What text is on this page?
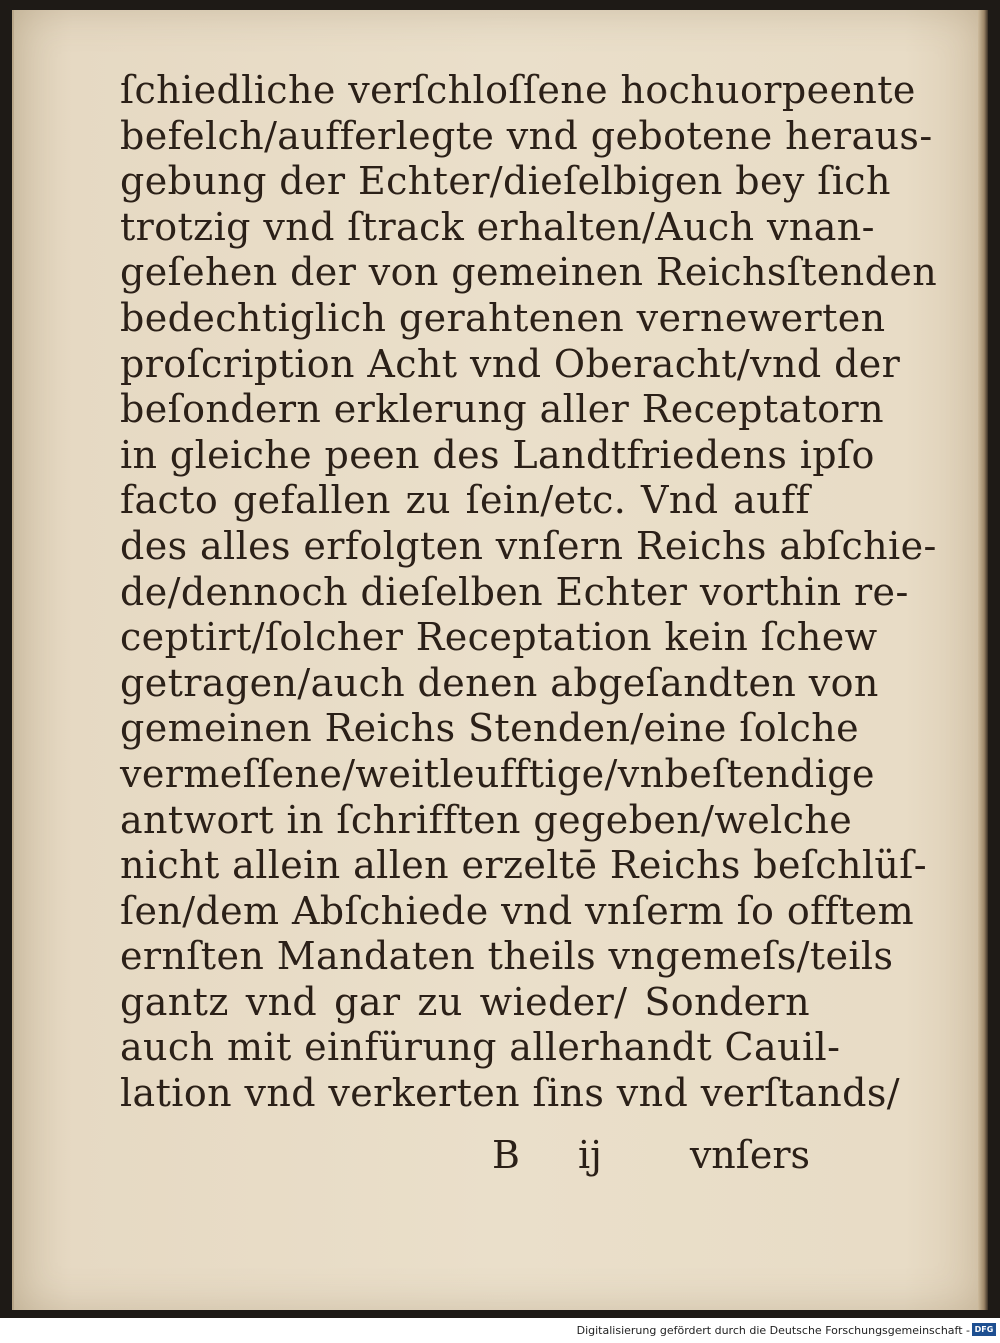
ſchiedliche verſchloſſene hochuorpeente
befelch/aufferlegte vnd gebotene heraus-
gebung der Echter/dieſelbigen bey ſich
trotzig vnd ſtrack erhalten/Auch vnan-
geſehen der von gemeinen Reichsſtenden
bedechtiglich gerahtenen vernewerten
proſcription Acht vnd Oberacht/vnd der
beſondern erklerung aller Receptatorn
in gleiche peen des Landtfriedens ipſo
facto gefallen zu ſein/etc. Vnd auff
des alles erfolgten vnſern Reichs abſchie-
de/dennoch dieſelben Echter vorthin re-
ceptirt/ſolcher Receptation kein ſchew
getragen/auch denen abgeſandten von
gemeinen Reichs Stenden/eine ſolche
vermeſſene/weitleufftige/vnbeſtendige
antwort in ſchrifften gegeben/welche
nicht allein allen erzeltē Reichs beſchlüſ-
ſen/dem Abſchiede vnd vnſerm ſo offtem
ernſten Mandaten theils vngemeſs/teils
gantz vnd gar zu wieder/ Sondern
auch mit einfürung allerhandt Cauil-
lation vnd verkerten ſins vnd verſtands/
B ij vnſers
Digitalisierung gefördert durch die Deutsche Forschungsgemeinschaft - DFG
